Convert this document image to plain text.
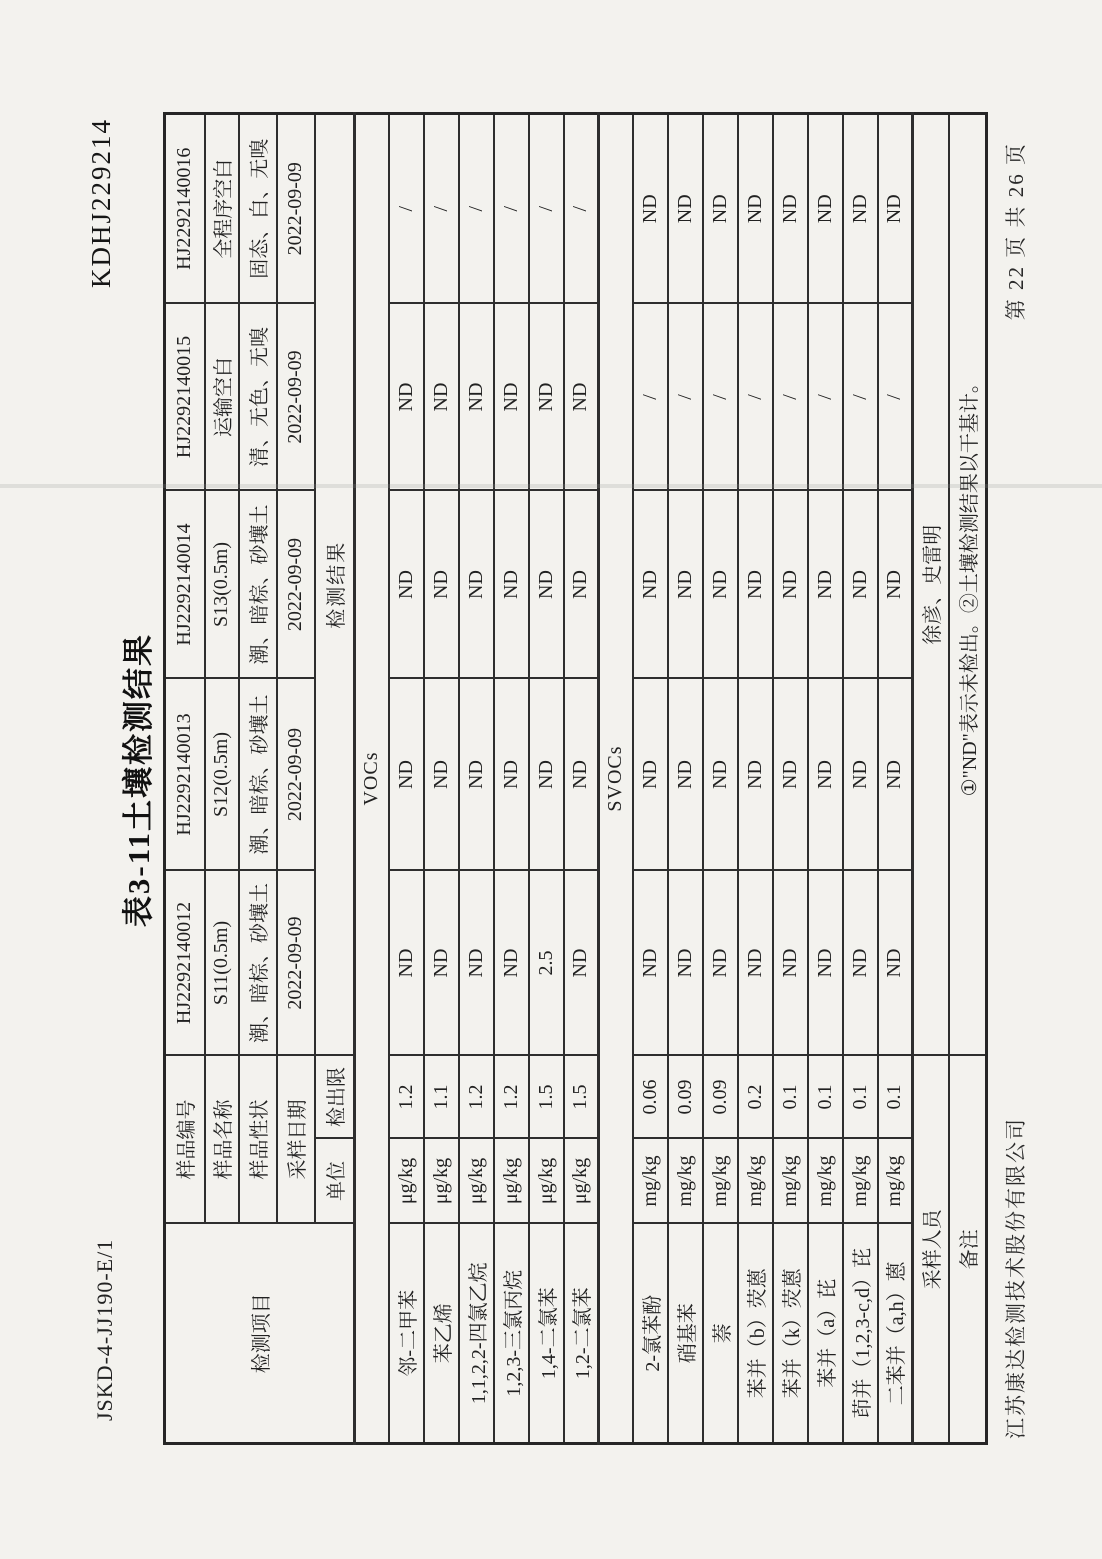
JSKD-4-JJ190-E/1
KDHJ229214
表3-11土壤检测结果
检测项目	样品编号		HJ2292140012	HJ2292140013	HJ2292140014	HJ2292140015	HJ2292140016
	样品名称		S11(0.5m)	S12(0.5m)	S13(0.5m)	运输空白	全程序空白
	样品性状		潮、暗棕、砂壤土	潮、暗棕、砂壤土	潮、暗棕、砂壤土	清、无色、无嗅	固态、白、无嗅
	采样日期		2022-09-09	2022-09-09	2022-09-09	2022-09-09	2022-09-09
	单位	检出限	检测结果				
VOCs							
邻-二甲苯	μg/kg	1.2	ND	ND	ND	ND	/
苯乙烯	μg/kg	1.1	ND	ND	ND	ND	/
1,1,2,2-四氯乙烷	μg/kg	1.2	ND	ND	ND	ND	/
1,2,3-三氯丙烷	μg/kg	1.2	ND	ND	ND	ND	/
1,4-二氯苯	μg/kg	1.5	2.5	ND	ND	ND	/
1,2-二氯苯	μg/kg	1.5	ND	ND	ND	ND	/
SVOCs							
2-氯苯酚	mg/kg	0.06	ND	ND	ND	/	ND
硝基苯	mg/kg	0.09	ND	ND	ND	/	ND
萘	mg/kg	0.09	ND	ND	ND	/	ND
苯并（b）荧蒽	mg/kg	0.2	ND	ND	ND	/	ND
苯并（k）荧蒽	mg/kg	0.1	ND	ND	ND	/	ND
苯并（a）芘	mg/kg	0.1	ND	ND	ND	/	ND
茚并（1,2,3-c,d）芘	mg/kg	0.1	ND	ND	ND	/	ND
二苯并（a,h）蒽	mg/kg	0.1	ND	ND	ND	/	ND
采样人员			徐彦、史雷明				
备注			①"ND"表示未检出。②土壤检测结果以干基计。				
江苏康达检测技术股份有限公司
第 22 页 共 26 页
